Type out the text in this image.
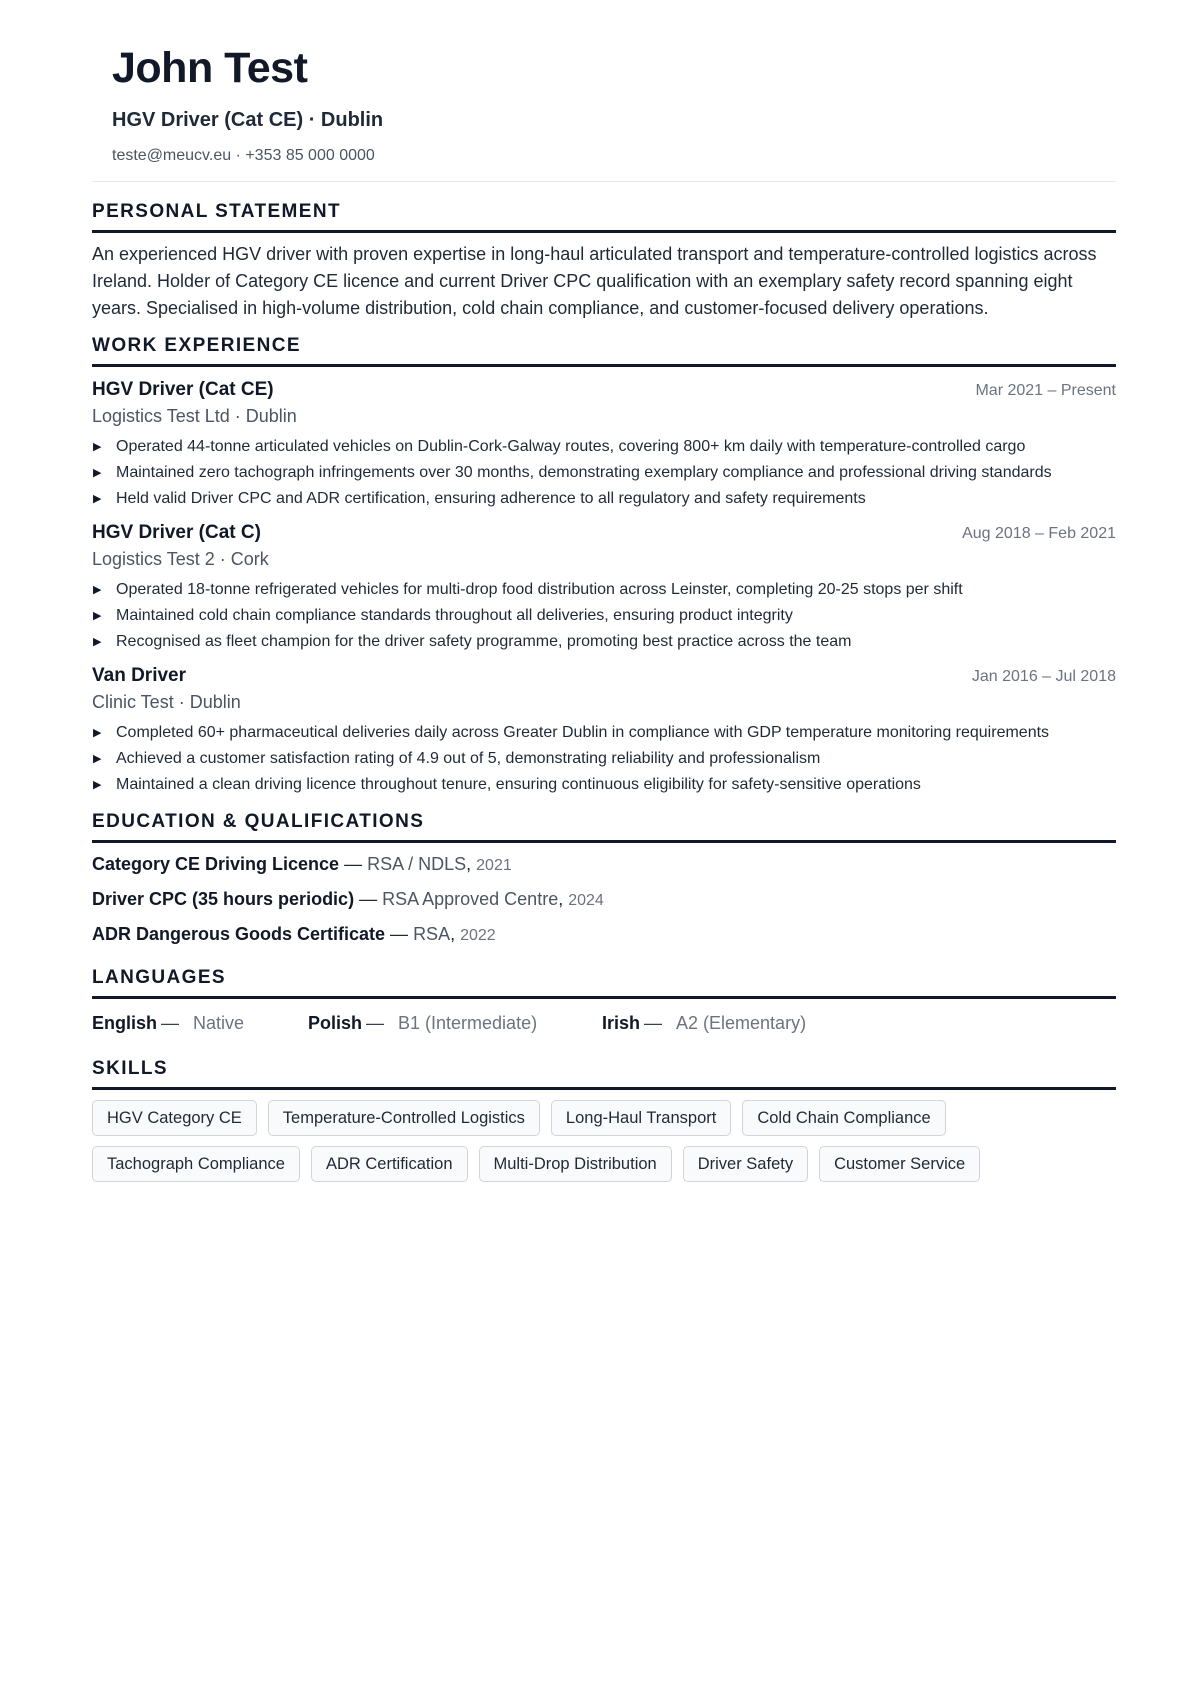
John Test
HGV Driver (Cat CE) · Dublin
teste@meucv.eu · +353 85 000 0000
PERSONAL STATEMENT
An experienced HGV driver with proven expertise in long-haul articulated transport and temperature-controlled logistics across Ireland. Holder of Category CE licence and current Driver CPC qualification with an exemplary safety record spanning eight years. Specialised in high-volume distribution, cold chain compliance, and customer-focused delivery operations.
WORK EXPERIENCE
HGV Driver (Cat CE)	Mar 2021 – Present
Logistics Test Ltd · Dublin
▶ Operated 44-tonne articulated vehicles on Dublin-Cork-Galway routes, covering 800+ km daily with temperature-controlled cargo
▶ Maintained zero tachograph infringements over 30 months, demonstrating exemplary compliance and professional driving standards
▶ Held valid Driver CPC and ADR certification, ensuring adherence to all regulatory and safety requirements
HGV Driver (Cat C)	Aug 2018 – Feb 2021
Logistics Test 2 · Cork
▶ Operated 18-tonne refrigerated vehicles for multi-drop food distribution across Leinster, completing 20-25 stops per shift
▶ Maintained cold chain compliance standards throughout all deliveries, ensuring product integrity
▶ Recognised as fleet champion for the driver safety programme, promoting best practice across the team
Van Driver	Jan 2016 – Jul 2018
Clinic Test · Dublin
▶ Completed 60+ pharmaceutical deliveries daily across Greater Dublin in compliance with GDP temperature monitoring requirements
▶ Achieved a customer satisfaction rating of 4.9 out of 5, demonstrating reliability and professionalism
▶ Maintained a clean driving licence throughout tenure, ensuring continuous eligibility for safety-sensitive operations
EDUCATION & QUALIFICATIONS
Category CE Driving Licence — RSA / NDLS, 2021
Driver CPC (35 hours periodic) — RSA Approved Centre, 2024
ADR Dangerous Goods Certificate — RSA, 2022
LANGUAGES
English — Native	Polish — B1 (Intermediate)	Irish — A2 (Elementary)
SKILLS
HGV Category CE	Temperature-Controlled Logistics	Long-Haul Transport	Cold Chain Compliance
Tachograph Compliance	ADR Certification	Multi-Drop Distribution	Driver Safety	Customer Service
